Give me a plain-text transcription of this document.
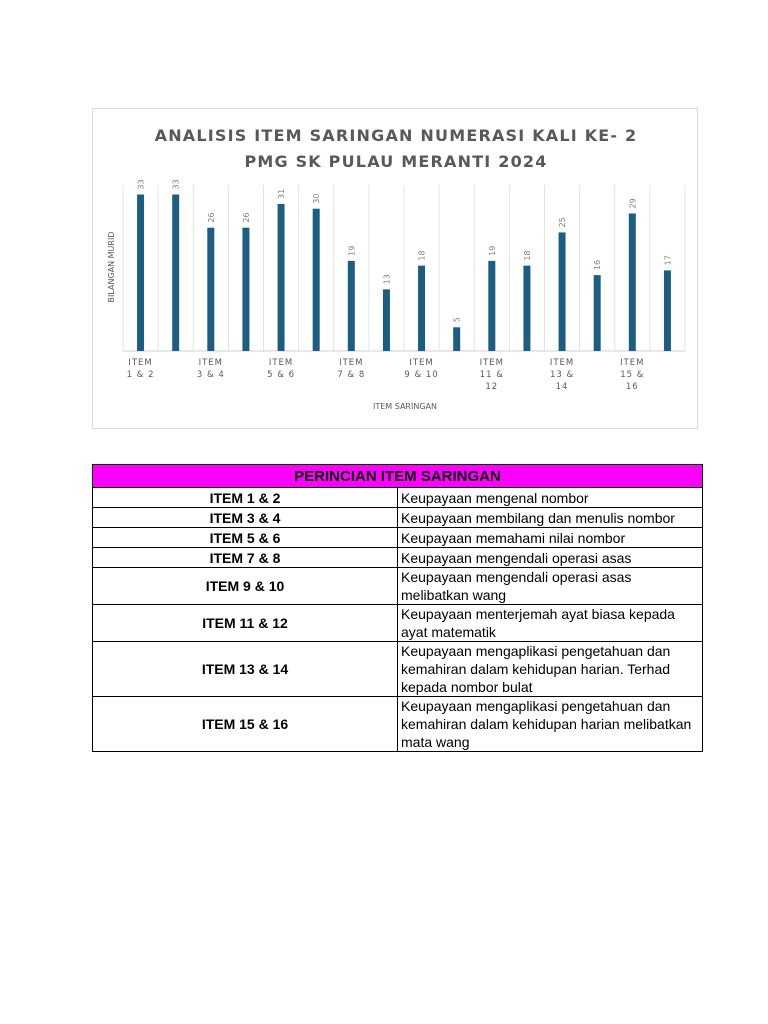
ANALISIS ITEM SARINGAN NUMERASI KALI KE- 2
PMG SK PULAU MERANTI 2024
33	33
26	26
31	30
19
13
18
5
19	18
25
16
29
17
ITEM
1 & 2
ITEM
3 & 4
ITEM
5 & 6
ITEM
7 & 8
ITEM
9 & 10
ITEM
11 &
12
ITEM
13 &
14
ITEM
15 &
16
BILANGAN MURID
ITEM SARINGAN
PERINCIAN ITEM SARINGAN	
ITEM 1 & 2	Keupayaan mengenal nombor
ITEM 3 & 4	Keupayaan membilang dan menulis nombor
ITEM 5 & 6	Keupayaan memahami nilai nombor
ITEM 7 & 8	Keupayaan mengendali operasi asas
ITEM 9 & 10	Keupayaan mengendali operasi asas melibatkan wang
ITEM 11 & 12	Keupayaan menterjemah ayat biasa kepada ayat matematik
ITEM 13 & 14	Keupayaan mengaplikasi pengetahuan dan kemahiran dalam kehidupan harian. Terhad kepada nombor bulat
ITEM 15 & 16	Keupayaan mengaplikasi pengetahuan dan kemahiran dalam kehidupan harian melibatkan mata wang
